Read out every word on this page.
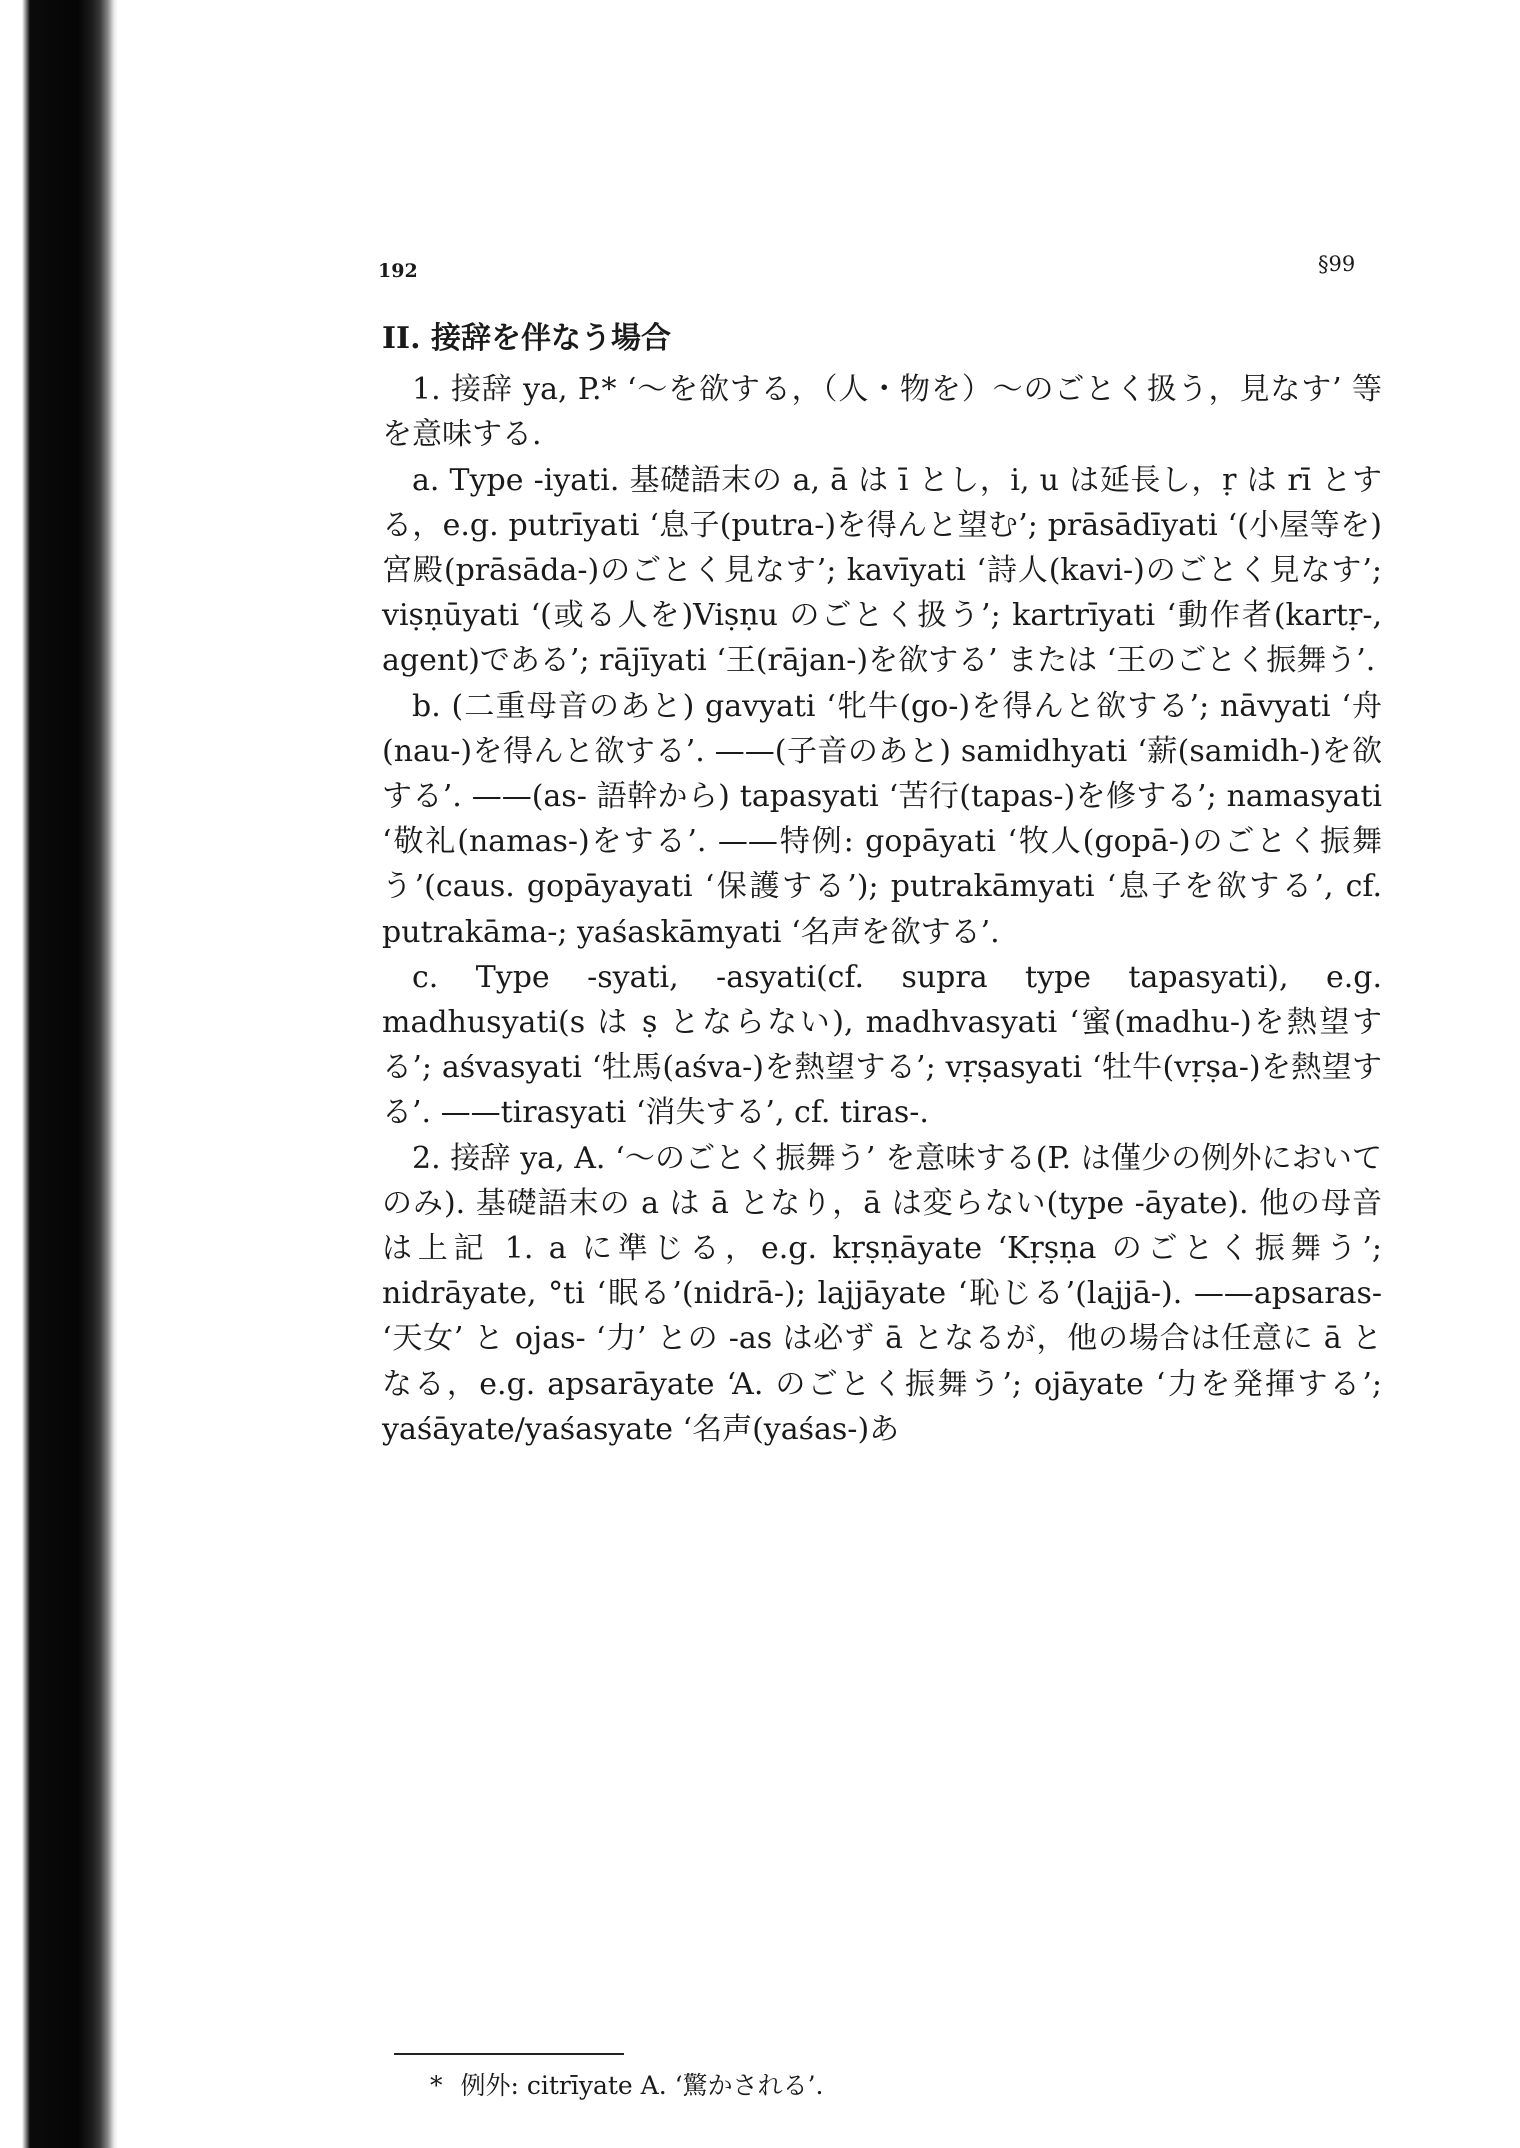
192	§99

II. 接辞を伴なう場合

1. 接辞 ya, P.* ‘～を欲する，（人・物を）～のごとく扱う，見なす’ 等を意味する.

a. Type -iyati. 基礎語末の a, ā は ī とし，i, u は延長し，ṛ は rī とする，e.g. putrīyati ‘息子(putra-)を得んと望む’; prāsādīyati ‘(小屋等を)宮殿(prāsāda-)のごとく見なす’; kavīyati ‘詩人(kavi-)のごとく見なす’; viṣṇūyati ‘(或る人を)Viṣṇu のごとく扱う’; kartrīyati ‘動作者(kartṛ-, agent)である’; rājīyati ‘王(rājan-)を欲する’ または ‘王のごとく振舞う’.

b. (二重母音のあと) gavyati ‘牝牛(go-)を得んと欲する’; nāvyati ‘舟(nau-)を得んと欲する’. ——(子音のあと) samidhyati ‘薪(samidh-)を欲する’. ——(as- 語幹から) tapasyati ‘苦行(tapas-)を修する’; namasyati ‘敬礼(namas-)をする’. ——特例: gopāyati ‘牧人(gopā-)のごとく振舞う’(caus. gopāyayati ‘保護する’); putrakāmyati ‘息子を欲する’, cf. putrakāma-; yaśaskāmyati ‘名声を欲する’.

c. Type -syati, -asyati(cf. supra type tapasyati), e.g. madhusyati(s は ṣ とならない), madhvasyati ‘蜜(madhu-)を熱望する’; aśvasyati ‘牡馬(aśva-)を熱望する’; vṛṣasyati ‘牡牛(vṛṣa-)を熱望する’. ——tirasyati ‘消失する’, cf. tiras-.

2. 接辞 ya, A. ‘～のごとく振舞う’ を意味する(P. は僅少の例外においてのみ). 基礎語末の a は ā となり，ā は変らない(type -āyate). 他の母音は上記 1. a に準じる，e.g. kṛṣṇāyate ‘Kṛṣṇa のごとく振舞う’; nidrāyate, °ti ‘眠る’(nidrā-); lajjāyate ‘恥じる’(lajjā-). ——apsaras- ‘天女’ と ojas- ‘力’ との -as は必ず ā となるが，他の場合は任意に ā となる，e.g. apsarāyate ‘A. のごとく振舞う’; ojāyate ‘力を発揮する’; yaśāyate/yaśasyate ‘名声(yaśas-)あ

* 例外: citrīyate A. ‘驚かされる’.
